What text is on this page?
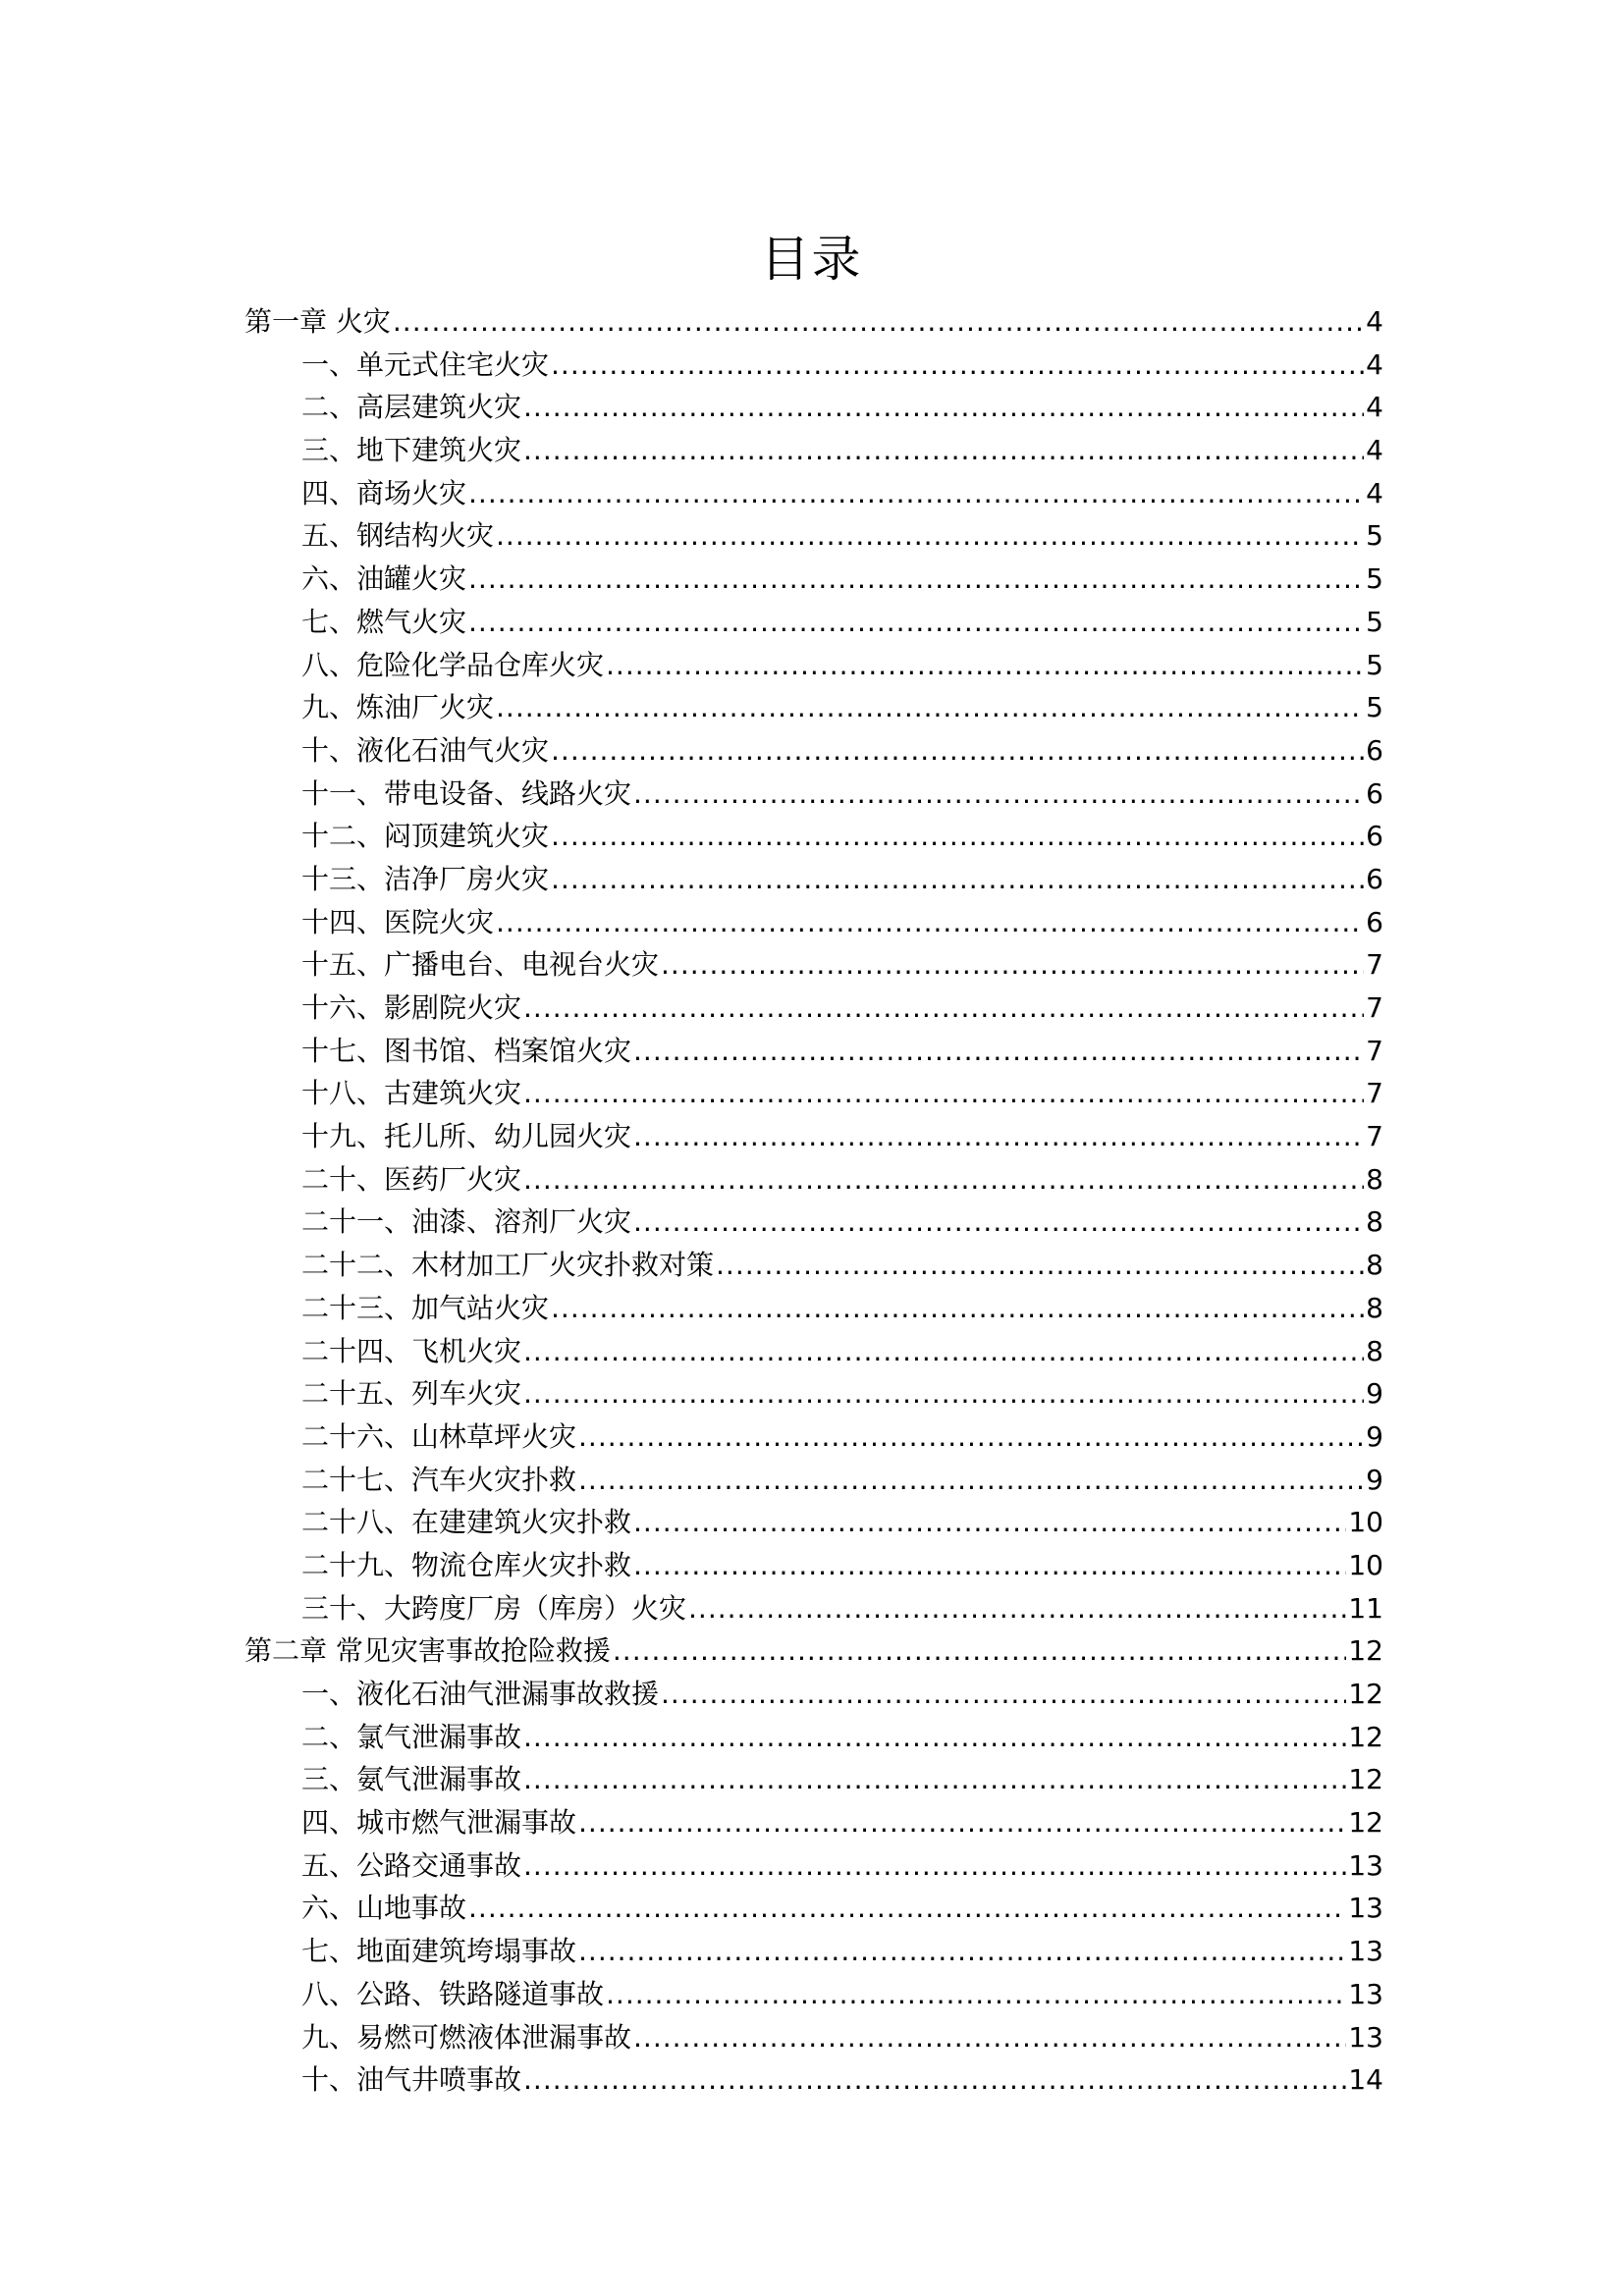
目录
第一章 火灾 .....	4
一、单元式住宅火灾 .....	4
二、高层建筑火灾 .....	4
三、地下建筑火灾 .....	4
四、商场火灾 .....	4
五、钢结构火灾 .....	5
六、油罐火灾 .....	5
七、燃气火灾 .....	5
八、危险化学品仓库火灾 .....	5
九、炼油厂火灾 .....	5
十、液化石油气火灾 .....	6
十一、带电设备、线路火灾 .....	6
十二、闷顶建筑火灾 .....	6
十三、洁净厂房火灾 .....	6
十四、医院火灾 .....	6
十五、广播电台、电视台火灾 .....	7
十六、影剧院火灾 .....	7
十七、图书馆、档案馆火灾 .....	7
十八、古建筑火灾 .....	7
十九、托儿所、幼儿园火灾 .....	7
二十、医药厂火灾 .....	8
二十一、油漆、溶剂厂火灾 .....	8
二十二、木材加工厂火灾扑救对策 .....	8
二十三、加气站火灾 .....	8
二十四、飞机火灾 .....	8
二十五、列车火灾 .....	9
二十六、山林草坪火灾 .....	9
二十七、汽车火灾扑救 .....	9
二十八、在建建筑火灾扑救 .....	10
二十九、物流仓库火灾扑救 .....	10
三十、大跨度厂房（库房）火灾 .....	11
第二章 常见灾害事故抢险救援 .....	12
一、液化石油气泄漏事故救援 .....	12
二、氯气泄漏事故 .....	12
三、氨气泄漏事故 .....	12
四、城市燃气泄漏事故 .....	12
五、公路交通事故 .....	13
六、山地事故 .....	13
七、地面建筑垮塌事故 .....	13
八、公路、铁路隧道事故 .....	13
九、易燃可燃液体泄漏事故 .....	13
十、油气井喷事故 .....	14
